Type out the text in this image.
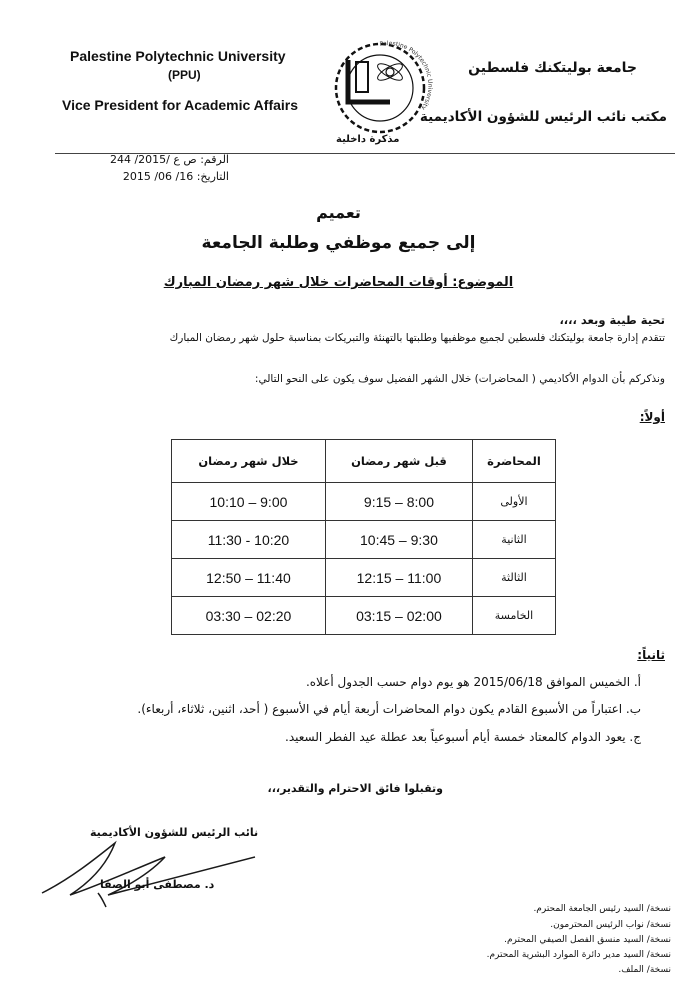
Palestine Polytechnic University
(PPU)
Vice President for Academic Affairs
جامعة بوليتكنك فلسطين
مكتب نائب الرئيس للشؤون الأكاديمية
Palestine Polytechnic University
مذكرة داخلية
الرقم: ص ع /2015/ 244
التاريخ: 16/ 06/ 2015
تعميم
إلى جميع موظفي وطلبة الجامعة
الموضوع: أوقات المحاضرات خلال شهر رمضان المبارك
تحية طيبة وبعد ،،،،
تتقدم إدارة جامعة بوليتكنك فلسطين لجميع موظفيها وطلبتها بالتهنئة والتبريكات بمناسبة حلول شهر رمضان المبارك
ونذكركم بأن الدوام الأكاديمي ( المحاضرات) خلال الشهر الفضيل سوف يكون على النحو التالي:
أولاً:
المحاضرة	قبل شهر رمضان	خلال شهر رمضان
الأولى	8:00 – 9:15	9:00 – 10:10
الثانية	9:30 – 10:45	10:20 - 11:30
الثالثة	11:00 – 12:15	11:40 – 12:50
الخامسة	02:00 – 03:15	02:20 – 03:30
ثانياً:
أ. الخميس الموافق 2015/06/18 هو يوم دوام حسب الجدول أعلاه.
ب. اعتباراً من الأسبوع القادم يكون دوام المحاضرات أربعة أيام في الأسبوع ( أحد، اثنين، ثلاثاء، أربعاء).
ج. يعود الدوام كالمعتاد خمسة أيام أسبوعياً بعد عطلة عيد الفطر السعيد.
وتقبلوا فائق الاحترام والتقدير،،،
نائب الرئيس للشؤون الأكاديمية
د. مصطفى أبو الصفا
نسخة/ السيد رئيس الجامعة المحترم.
نسخة/ نواب الرئيس المحترمون.
نسخة/ السيد منسق الفصل الصيفي المحترم.
نسخة/ السيد مدير دائرة الموارد البشرية المحترم.
نسخة/ الملف.
